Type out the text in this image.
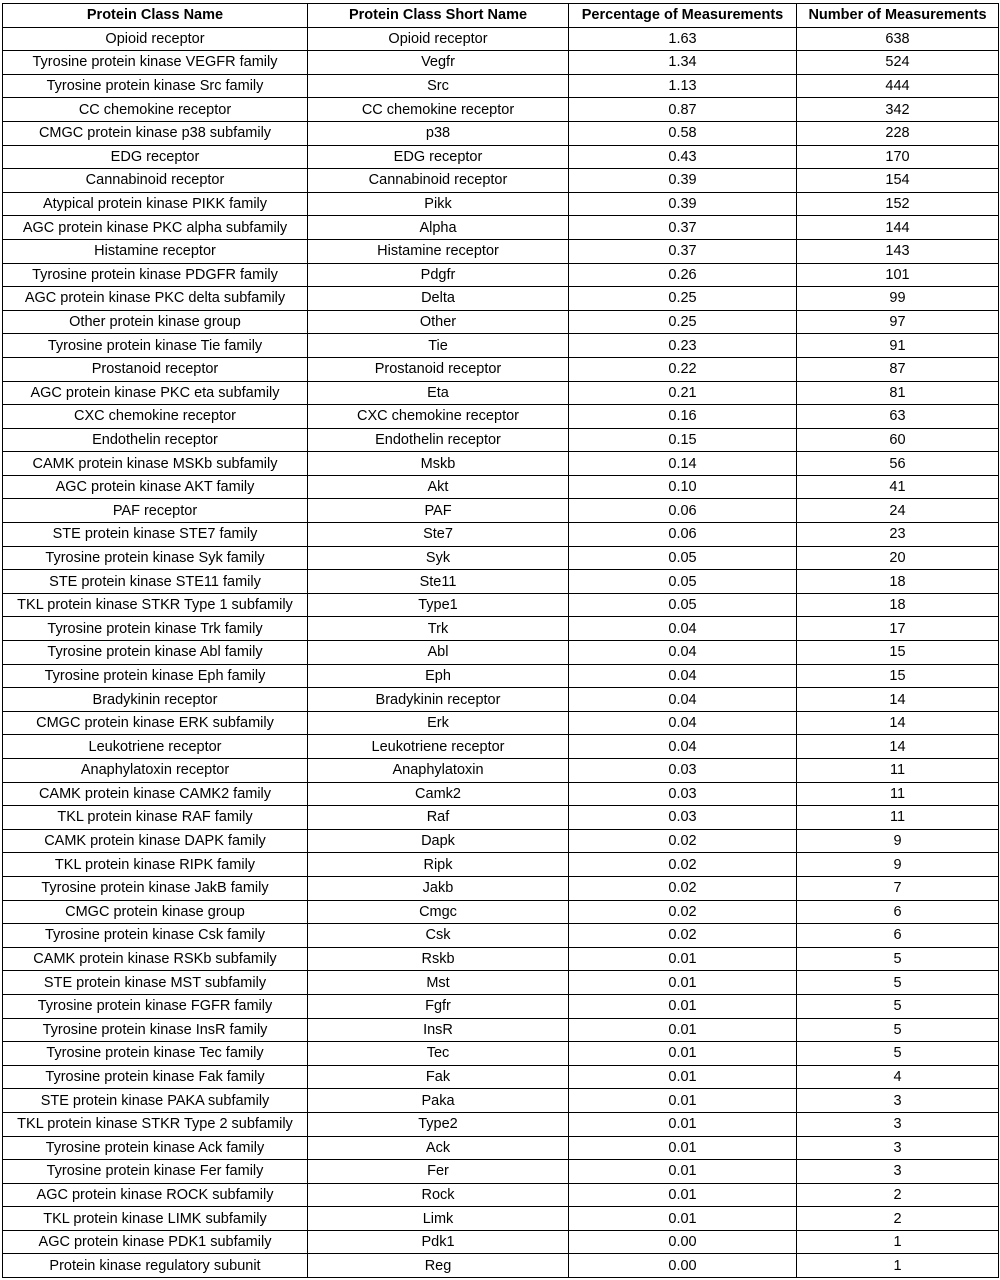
Protein Class Name	Protein Class Short Name	Percentage of Measurements	Number of Measurements
Opioid receptor	Opioid receptor	1.63	638
Tyrosine protein kinase VEGFR family	Vegfr	1.34	524
Tyrosine protein kinase Src family	Src	1.13	444
CC chemokine receptor	CC chemokine receptor	0.87	342
CMGC protein kinase p38 subfamily	p38	0.58	228
EDG receptor	EDG receptor	0.43	170
Cannabinoid receptor	Cannabinoid receptor	0.39	154
Atypical protein kinase PIKK family	Pikk	0.39	152
AGC protein kinase PKC alpha subfamily	Alpha	0.37	144
Histamine receptor	Histamine receptor	0.37	143
Tyrosine protein kinase PDGFR family	Pdgfr	0.26	101
AGC protein kinase PKC delta subfamily	Delta	0.25	99
Other protein kinase group	Other	0.25	97
Tyrosine protein kinase Tie family	Tie	0.23	91
Prostanoid receptor	Prostanoid receptor	0.22	87
AGC protein kinase PKC eta subfamily	Eta	0.21	81
CXC chemokine receptor	CXC chemokine receptor	0.16	63
Endothelin receptor	Endothelin receptor	0.15	60
CAMK protein kinase MSKb subfamily	Mskb	0.14	56
AGC protein kinase AKT family	Akt	0.10	41
PAF receptor	PAF	0.06	24
STE protein kinase STE7 family	Ste7	0.06	23
Tyrosine protein kinase Syk family	Syk	0.05	20
STE protein kinase STE11 family	Ste11	0.05	18
TKL protein kinase STKR Type 1 subfamily	Type1	0.05	18
Tyrosine protein kinase Trk family	Trk	0.04	17
Tyrosine protein kinase Abl family	Abl	0.04	15
Tyrosine protein kinase Eph family	Eph	0.04	15
Bradykinin receptor	Bradykinin receptor	0.04	14
CMGC protein kinase ERK subfamily	Erk	0.04	14
Leukotriene receptor	Leukotriene receptor	0.04	14
Anaphylatoxin receptor	Anaphylatoxin	0.03	11
CAMK protein kinase CAMK2 family	Camk2	0.03	11
TKL protein kinase RAF family	Raf	0.03	11
CAMK protein kinase DAPK family	Dapk	0.02	9
TKL protein kinase RIPK family	Ripk	0.02	9
Tyrosine protein kinase JakB family	Jakb	0.02	7
CMGC protein kinase group	Cmgc	0.02	6
Tyrosine protein kinase Csk family	Csk	0.02	6
CAMK protein kinase RSKb subfamily	Rskb	0.01	5
STE protein kinase MST subfamily	Mst	0.01	5
Tyrosine protein kinase FGFR family	Fgfr	0.01	5
Tyrosine protein kinase InsR family	InsR	0.01	5
Tyrosine protein kinase Tec family	Tec	0.01	5
Tyrosine protein kinase Fak family	Fak	0.01	4
STE protein kinase PAKA subfamily	Paka	0.01	3
TKL protein kinase STKR Type 2 subfamily	Type2	0.01	3
Tyrosine protein kinase Ack family	Ack	0.01	3
Tyrosine protein kinase Fer family	Fer	0.01	3
AGC protein kinase ROCK subfamily	Rock	0.01	2
TKL protein kinase LIMK subfamily	Limk	0.01	2
AGC protein kinase PDK1 subfamily	Pdk1	0.00	1
Protein kinase regulatory subunit	Reg	0.00	1
